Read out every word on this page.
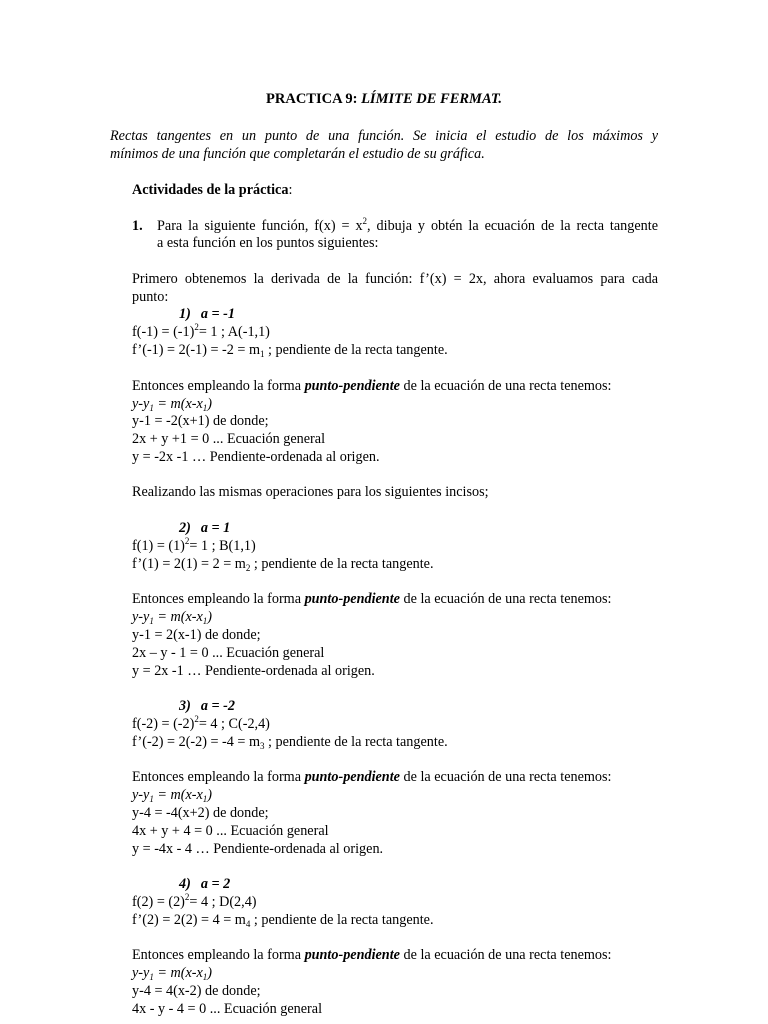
PRACTICA 9: LÍMITE DE FERMAT.
Rectas tangentes en un punto de una función. Se inicia el estudio de los máximos y
mínimos de una función que completarán el estudio de su gráfica.
Actividades de la práctica:
1. Para la siguiente función, $f(x) = x^2$, dibuja y obtén la ecuación de la recta tangente
a esta función en los puntos siguientes:
Primero obtenemos la derivada de la función: f’(x) = 2x, ahora evaluamos para cada
punto:
1) a = -1
$f(-1) = (-1)^2= 1$ ; A(-1,1)
f’(-1) = $2(-1) = -2 = m_1$ ; pendiente de la recta tangente.
Entonces empleando la forma punto-pendiente de la ecuación de una recta tenemos:
$y-y_1 = m(x-x_1)$
y-1 = -2(x+1) de donde;
2x + y +1 = 0 ... Ecuación general
y = -2x -1 … Pendiente-ordenada al origen.
Realizando las mismas operaciones para los siguientes incisos;
2) a = 1
$f(1) = (1)^2= 1$ ; B(1,1)
f’(1) = $2(1) = 2 = m_2$ ; pendiente de la recta tangente.
Entonces empleando la forma punto-pendiente de la ecuación de una recta tenemos:
$y-y_1 = m(x-x_1)$
y-1 = 2(x-1) de donde;
2x – y - 1 = 0 ... Ecuación general
y = 2x -1 … Pendiente-ordenada al origen.
3) a = -2
$f(-2) = (-2)^2= 4$ ; C(-2,4)
f’(-2) = $2(-2) = -4 = m_3$ ; pendiente de la recta tangente.
Entonces empleando la forma punto-pendiente de la ecuación de una recta tenemos:
$y-y_1 = m(x-x_1)$
y-4 = -4(x+2) de donde;
4x + y + 4 = 0 ... Ecuación general
y = -4x - 4 … Pendiente-ordenada al origen.
4) a = 2
$f(2) = (2)^2= 4$ ; D(2,4)
f’(2) = $2(2) = 4 = m_4$ ; pendiente de la recta tangente.
Entonces empleando la forma punto-pendiente de la ecuación de una recta tenemos:
$y-y_1 = m(x-x_1)$
y-4 = 4(x-2) de donde;
4x - y - 4 = 0 ... Ecuación general
